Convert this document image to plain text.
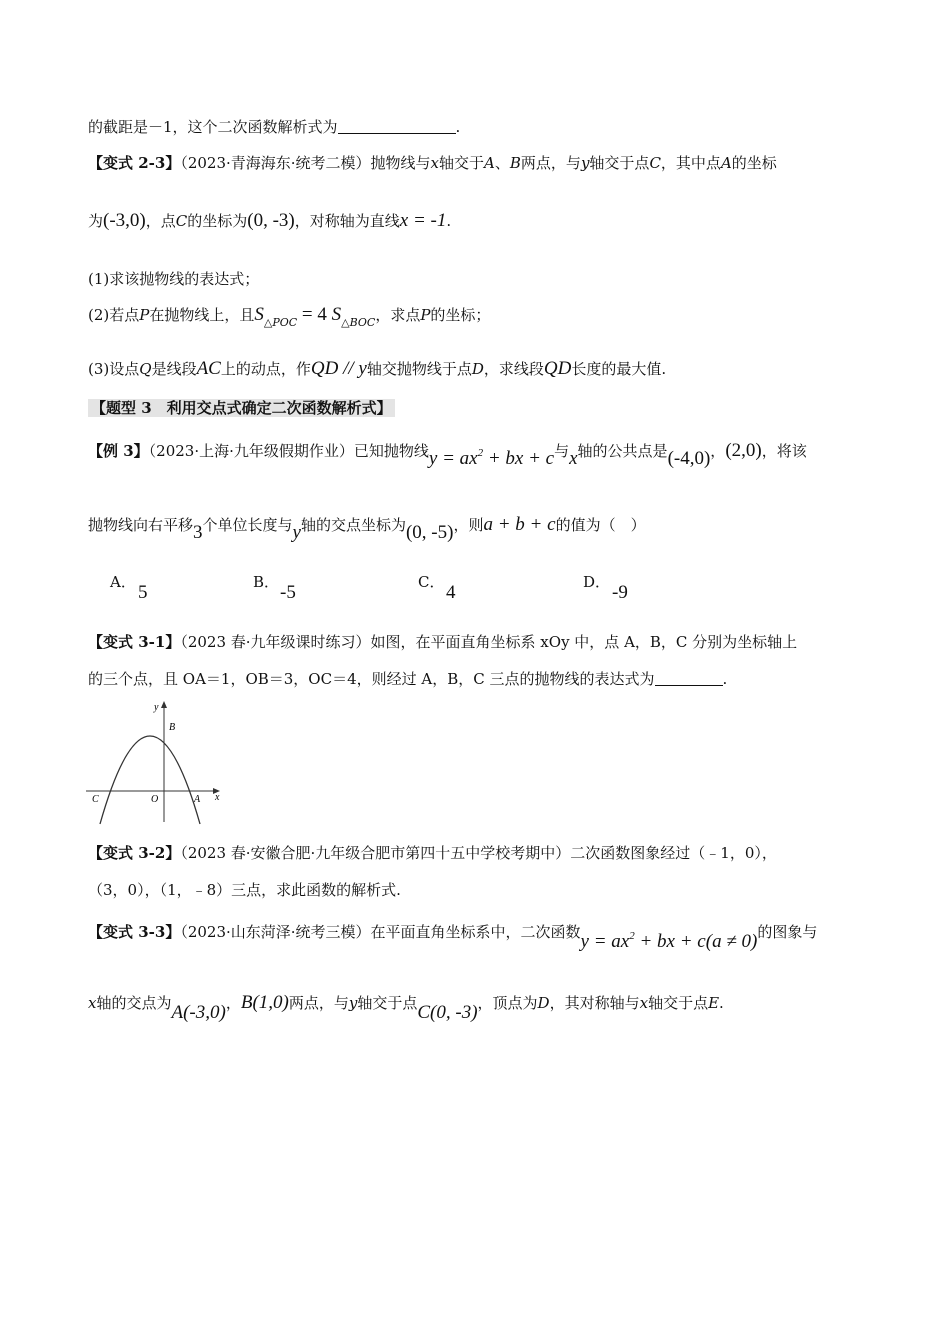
的截距是－1，这个二次函数解析式为	.
【变式 2-3】（2023·青海海东·统考二模）抛物线与x轴交于A、B两点，与y轴交于点C，其中点A的坐标
为(-3,0)，点C的坐标为(0, -3)，对称轴为直线x = -1.
(1)求该抛物线的表达式；
(2)若点P在抛物线上，且$S_{\triangle POC} = 4$ $S_{\triangle BOC}$，求点P的坐标；
(3)设点Q是线段AC上的动点，作QD // y轴交抛物线于点D，求线段QD长度的最大值.
【题型 3　利用交点式确定二次函数解析式】
【例 3】（2023·上海·九年级假期作业）已知抛物线$y = ax^2$ + bx + c与x轴的公共点是(-4,0)，(2,0)，将该
抛物线向右平移3个单位长度与y轴的交点坐标为(0, -5)，则a + b + c的值为（　）
A． 5	B． -5	C． 4	D． -9
【变式 3-1】（2023 春·九年级课时练习）如图，在平面直角坐标系 xOy 中，点 A，B，C 分别为坐标轴上
的三个点，且 OA＝1，OB＝3，OC＝4，则经过 A，B，C 三点的抛物线的表达式为	.
y
x
B
O	A
C
【变式 3-2】（2023 春·安徽合肥·九年级合肥市第四十五中学校考期中）二次函数图象经过（﹣1，0），
（3，0），（1，﹣8）三点，求此函数的解析式.
【变式 3-3】（2023·山东菏泽·统考三模）在平面直角坐标系中，二次函数$y = ax^2$ + bx + c(a ≠ 0)的图象与
x轴的交点为A(-3,0)，B(1,0)两点，与y轴交于点C(0, -3)，顶点为D，其对称轴与x轴交于点E.
